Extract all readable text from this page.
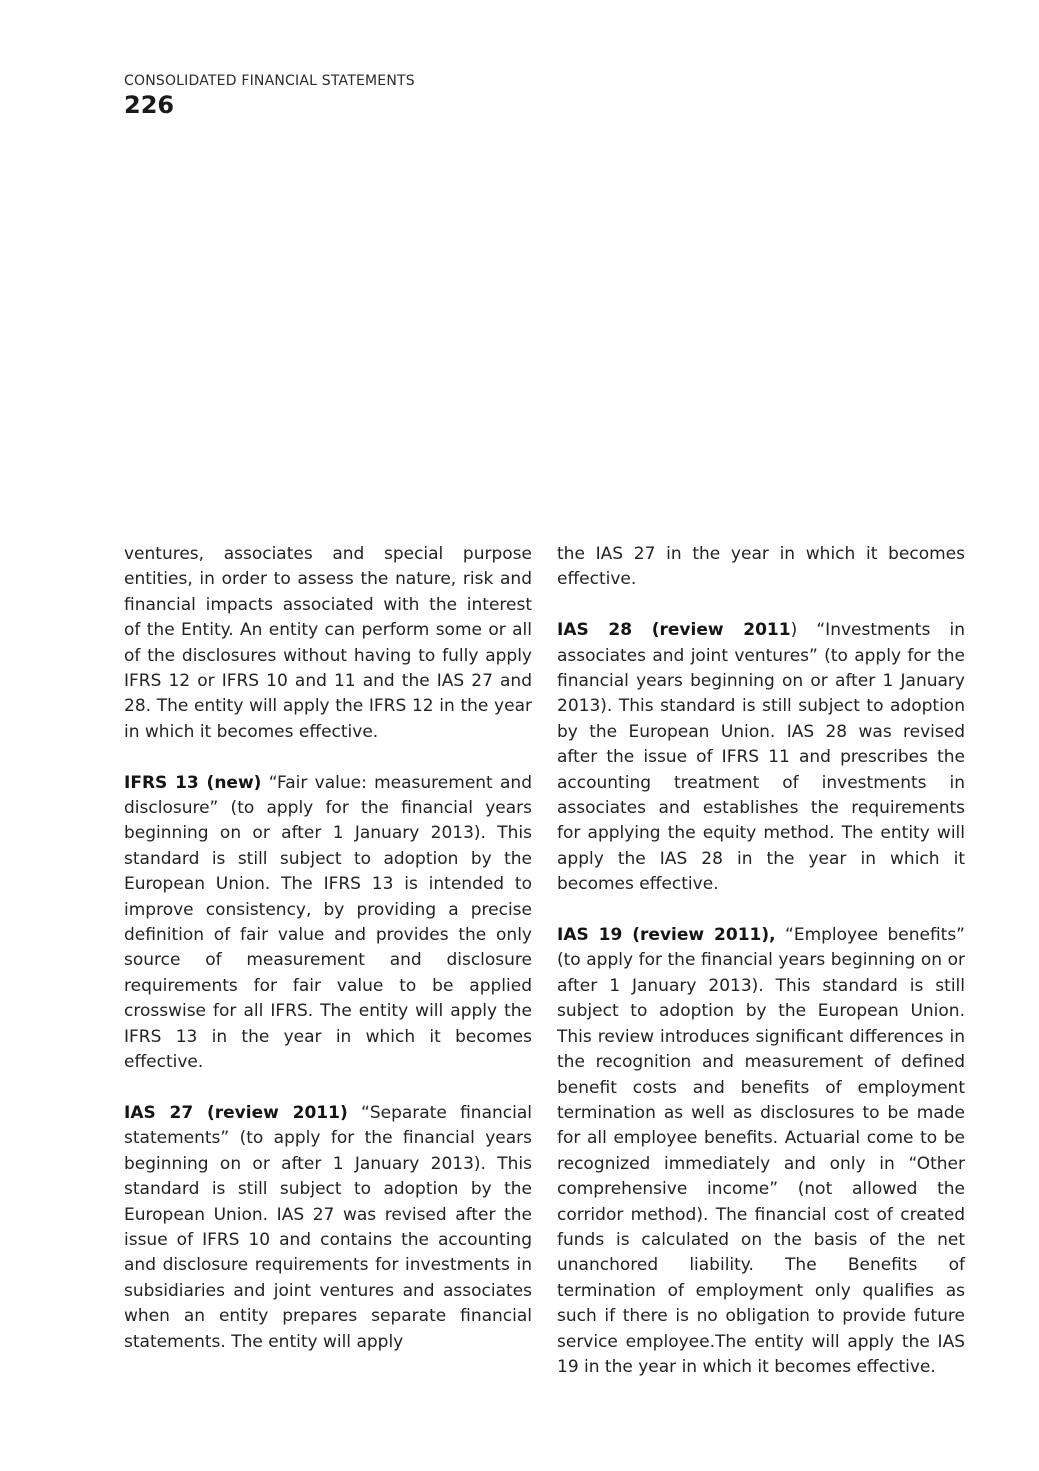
CONSOLIDATED FINANCIAL STATEMENTS
226

ventures, associates and special purpose entities, in order to assess the nature, risk and financial impacts associated with the interest of the Entity. An entity can perform some or all of the disclosures without having to fully apply IFRS 12 or IFRS 10 and 11 and the IAS 27 and 28. The entity will apply the IFRS 12 in the year in which it becomes effective.

IFRS 13 (new) “Fair value: measurement and disclosure” (to apply for the financial years beginning on or after 1 January 2013). This standard is still subject to adoption by the European Union. The IFRS 13 is intended to improve consistency, by providing a precise definition of fair value and provides the only source of measurement and disclosure requirements for fair value to be applied crosswise for all IFRS. The entity will apply the IFRS 13 in the year in which it becomes effective.

IAS 27 (review 2011) “Separate financial statements” (to apply for the financial years beginning on or after 1 January 2013). This standard is still subject to adoption by the European Union. IAS 27 was revised after the issue of IFRS 10 and contains the accounting and disclosure requirements for investments in subsidiaries and joint ventures and associates when an entity prepares separate financial statements. The entity will apply

the IAS 27 in the year in which it becomes effective.

IAS 28 (review 2011) “Investments in associates and joint ventures” (to apply for the financial years beginning on or after 1 January 2013). This standard is still subject to adoption by the European Union. IAS 28 was revised after the issue of IFRS 11 and prescribes the accounting treatment of investments in associates and establishes the requirements for applying the equity method. The entity will apply the IAS 28 in the year in which it becomes effective.

IAS 19 (review 2011), “Employee benefits” (to apply for the financial years beginning on or after 1 January 2013). This standard is still subject to adoption by the European Union. This review introduces significant differences in the recognition and measurement of defined benefit costs and benefits of employment termination as well as disclosures to be made for all employee benefits. Actuarial come to be recognized immediately and only in “Other comprehensive income” (not allowed the corridor method). The financial cost of created funds is calculated on the basis of the net unanchored liability. The Benefits of termination of employment only qualifies as such if there is no obligation to provide future service employee.The entity will apply the IAS 19 in the year in which it becomes effective.
